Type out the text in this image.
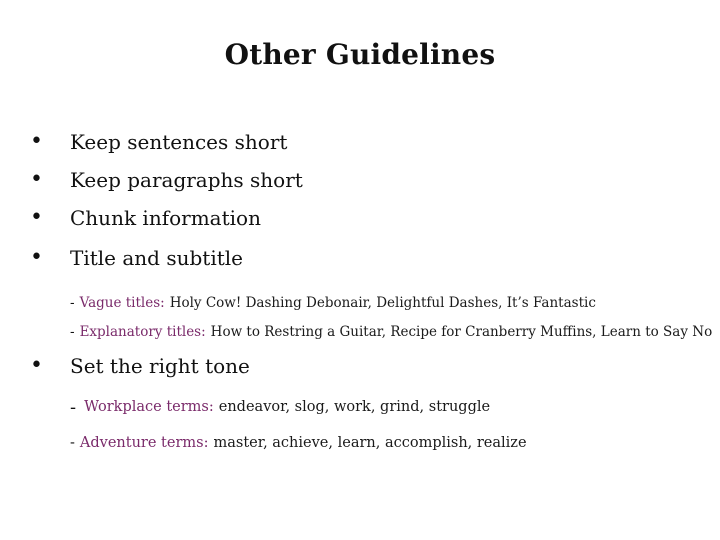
Other Guidelines
•	Keep sentences short
•	Keep paragraphs short
•	Chunk information
•	Title and subtitle
- Vague titles: Holy Cow! Dashing Debonair, Delightful Dashes, It’s Fantastic
- Explanatory titles: How to Restring a Guitar, Recipe for Cranberry Muffins, Learn to Say No
•	Set the right tone
- Workplace terms: endeavor, slog, work, grind, struggle
- Adventure terms: master, achieve, learn, accomplish, realize
